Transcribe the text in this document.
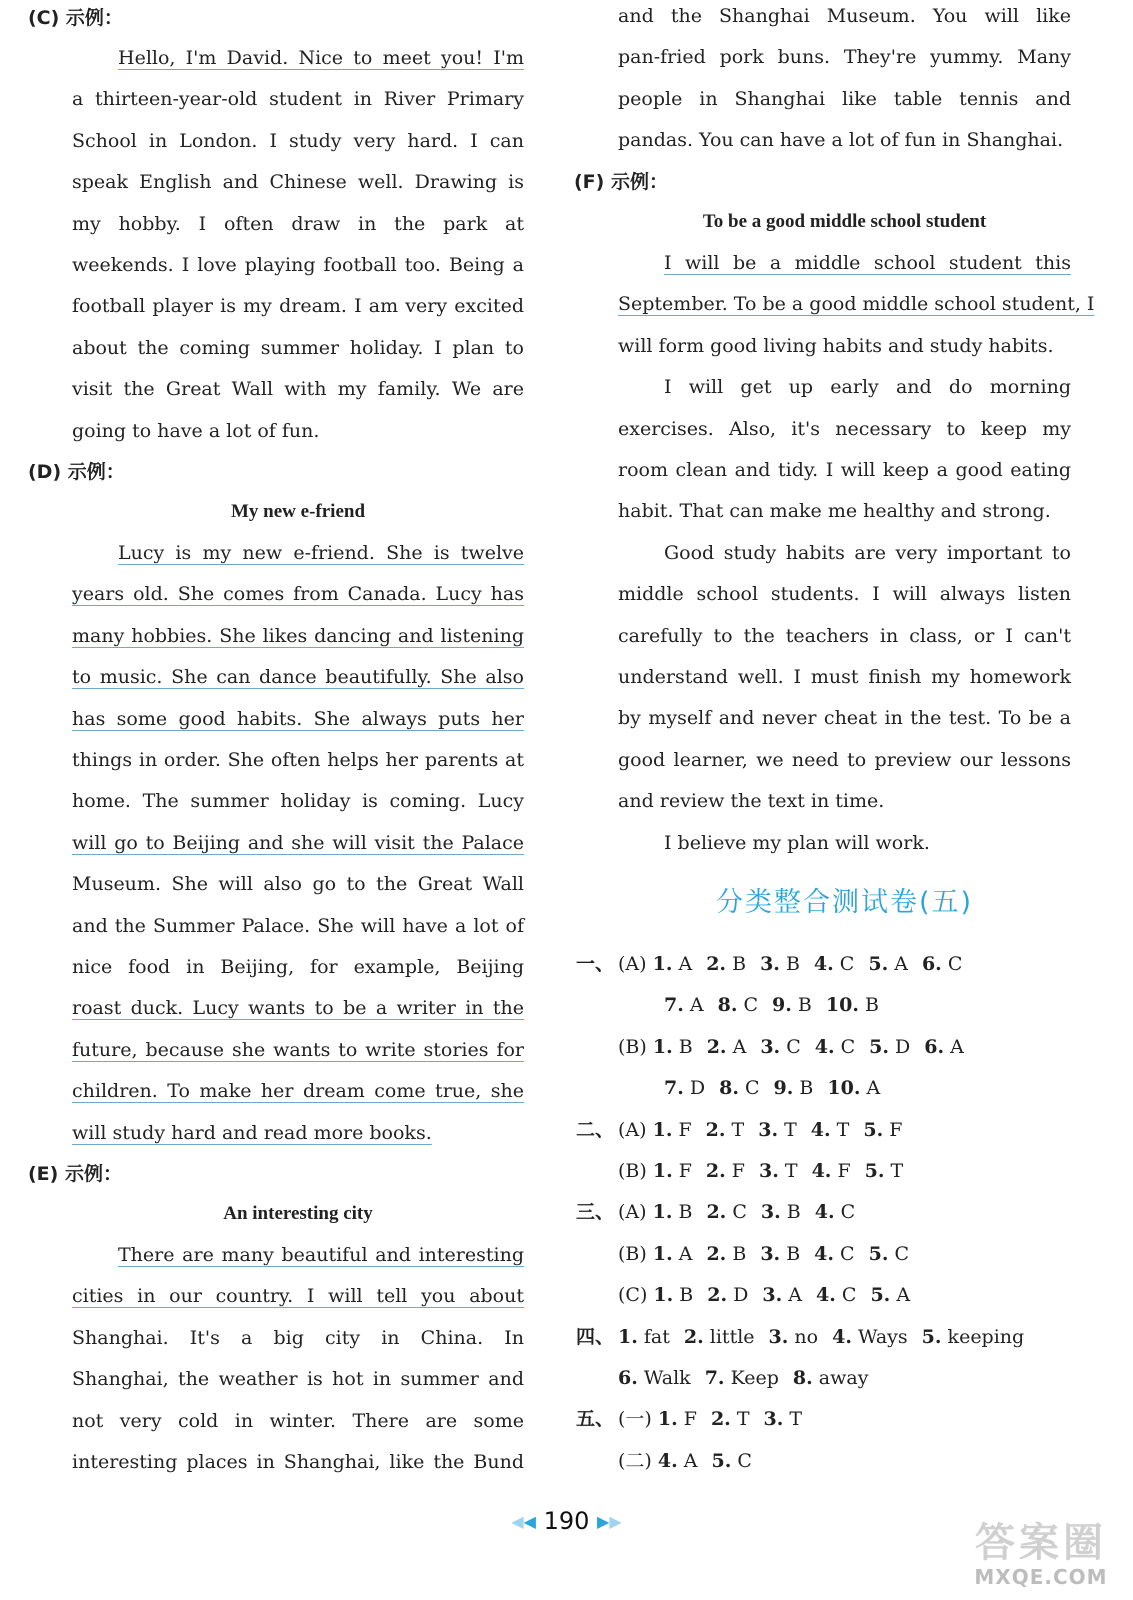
(C) 示例：
Hello, I'm David. Nice to meet you! I'm
a thirteen-year-old student in River Primary
School in London. I study very hard. I can
speak English and Chinese well. Drawing is
my hobby. I often draw in the park at
weekends. I love playing football too. Being a
football player is my dream. I am very excited
about the coming summer holiday. I plan to
visit the Great Wall with my family. We are
going to have a lot of fun.
(D) 示例：
My new e-friend
Lucy is my new e-friend. She is twelve
years old. She comes from Canada. Lucy has
many hobbies. She likes dancing and listening
to music. She can dance beautifully. She also
has some good habits. She always puts her
things in order. She often helps her parents at
home. The summer holiday is coming. Lucy
will go to Beijing and she will visit the Palace
Museum. She will also go to the Great Wall
and the Summer Palace. She will have a lot of
nice food in Beijing, for example, Beijing
roast duck. Lucy wants to be a writer in the
future, because she wants to write stories for
children. To make her dream come true, she
will study hard and read more books.
(E) 示例：
An interesting city
There are many beautiful and interesting
cities in our country. I will tell you about
Shanghai. It's a big city in China. In
Shanghai, the weather is hot in summer and
not very cold in winter. There are some
interesting places in Shanghai, like the Bund
and the Shanghai Museum. You will like
pan-fried pork buns. They're yummy. Many
people in Shanghai like table tennis and
pandas. You can have a lot of fun in Shanghai.
(F) 示例：
To be a good middle school student
I will be a middle school student this
September. To be a good middle school student, I
will form good living habits and study habits.
I will get up early and do morning
exercises. Also, it's necessary to keep my
room clean and tidy. I will keep a good eating
habit. That can make me healthy and strong.
Good study habits are very important to
middle school students. I will always listen
carefully to the teachers in class, or I can't
understand well. I must finish my homework
by myself and never cheat in the test. To be a
good learner, we need to preview our lessons
and review the text in time.
I believe my plan will work.
分类整合测试卷(五)
一、 (A) 1. A 2. B 3. B 4. C 5. A 6. C
7. A 8. C 9. B 10. B
(B) 1. B 2. A 3. C 4. C 5. D 6. A
7. D 8. C 9. B 10. A
二、 (A) 1. F 2. T 3. T 4. T 5. F
(B) 1. F 2. F 3. T 4. F 5. T
三、 (A) 1. B 2. C 3. B 4. C
(B) 1. A 2. B 3. B 4. C 5. C
(C) 1. B 2. D 3. A 4. C 5. A
四、 1. fat 2. little 3. no 4. Ways 5. keeping
6. Walk 7. Keep 8. away
五、 (一) 1. F 2. T 3. T
(二) 4. A 5. C
◀◀ 190 ▶▶	答案圈
MXQE.COM
